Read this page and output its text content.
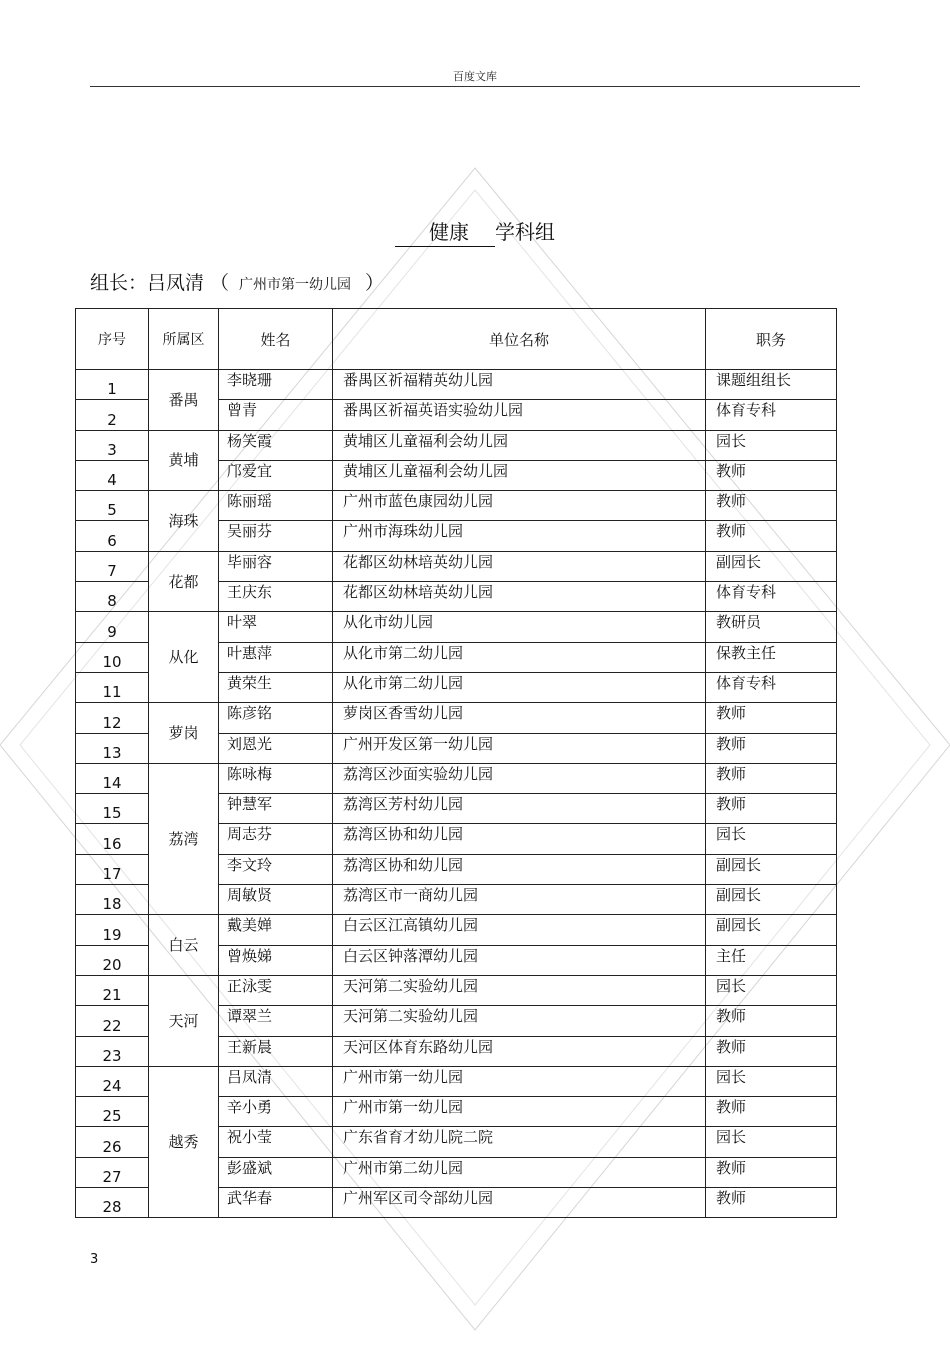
百度文库
健康 学科组
组长：吕凤清 （ 广州市第一幼儿园 ）
序号	所属区	姓名	单位名称	职务
1	番禺	李晓珊	番禺区祈福精英幼儿园	课题组组长
2		曾青	番禺区祈福英语实验幼儿园	体育专科
3	黄埔	杨笑霞	黄埔区儿童福利会幼儿园	园长
4		邝爱宜	黄埔区儿童福利会幼儿园	教师
5	海珠	陈丽瑶	广州市蓝色康园幼儿园	教师
6		吴丽芬	广州市海珠幼儿园	教师
7	花都	毕丽容	花都区幼林培英幼儿园	副园长
8		王庆东	花都区幼林培英幼儿园	体育专科
9	从化	叶翠	从化市幼儿园	教研员
10		叶惠萍	从化市第二幼儿园	保教主任
11		黄荣生	从化市第二幼儿园	体育专科
12	萝岗	陈彦铭	萝岗区香雪幼儿园	教师
13		刘恩光	广州开发区第一幼儿园	教师
14	荔湾	陈咏梅	荔湾区沙面实验幼儿园	教师
15		钟慧军	荔湾区芳村幼儿园	教师
16		周志芬	荔湾区协和幼儿园	园长
17		李文玲	荔湾区协和幼儿园	副园长
18		周敏贤	荔湾区市一商幼儿园	副园长
19	白云	戴美婵	白云区江高镇幼儿园	副园长
20		曾焕娣	白云区钟落潭幼儿园	主任
21	天河	正泳雯	天河第二实验幼儿园	园长
22		谭翠兰	天河第二实验幼儿园	教师
23		王新晨	天河区体育东路幼儿园	教师
24	越秀	吕凤清	广州市第一幼儿园	园长
25		辛小勇	广州市第一幼儿园	教师
26		祝小莹	广东省育才幼儿院二院	园长
27		彭盛斌	广州市第二幼儿园	教师
28		武华春	广州军区司令部幼儿园	教师
3
